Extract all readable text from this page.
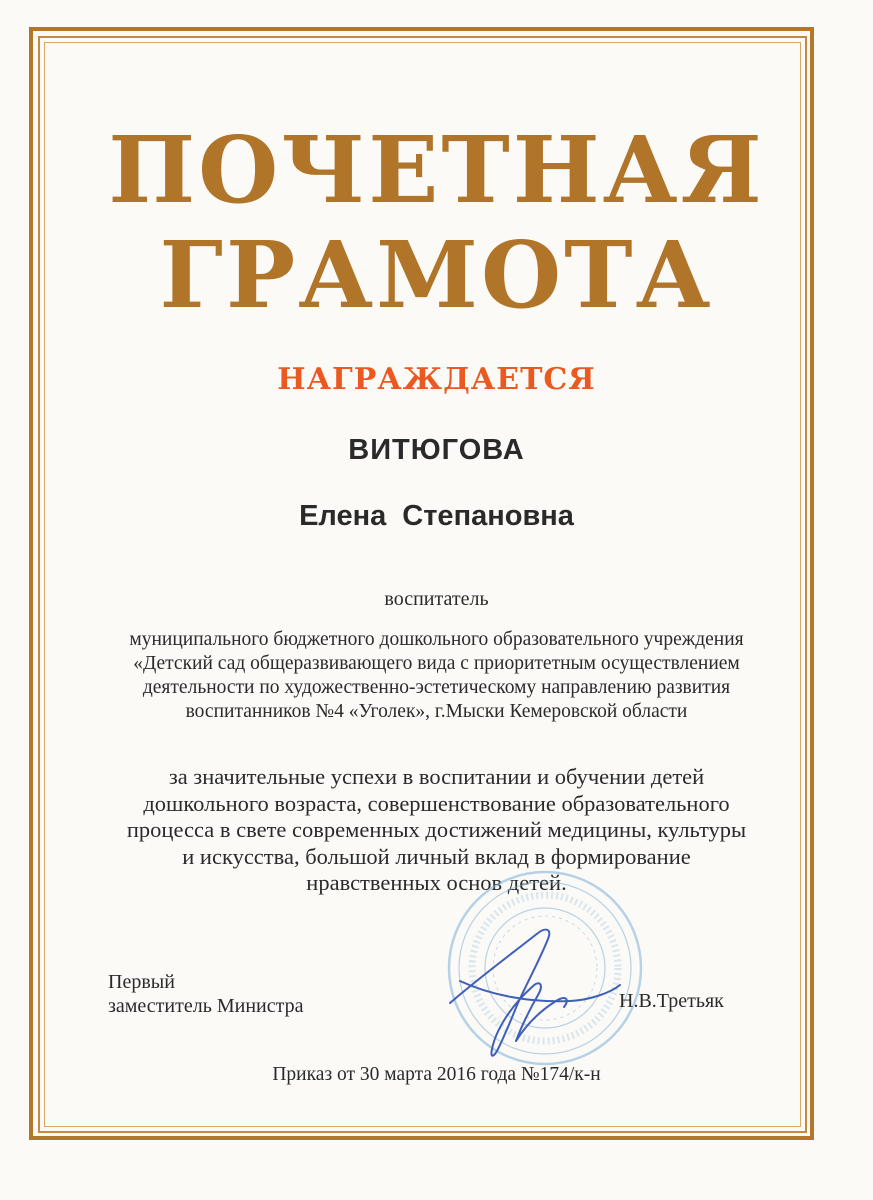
ПОЧЕТНАЯ
ГРАМОТА
НАГРАЖДАЕТСЯ
ВИТЮГОВА
Елена Степановна
воспитатель
муниципального бюджетного дошкольного образовательного учреждения
«Детский сад общеразвивающего вида с приоритетным осуществлением
деятельности по художественно-эстетическому направлению развития
воспитанников №4 «Уголек», г.Мыски Кемеровской области
за значительные успехи в воспитании и обучении детей
дошкольного возраста, совершенствование образовательного
процесса в свете современных достижений медицины, культуры
и искусства, большой личный вклад в формирование
нравственных основ детей.
Первый
заместитель Министра	Н.В.Третьяк
Приказ от 30 марта 2016 года №174/к-н
